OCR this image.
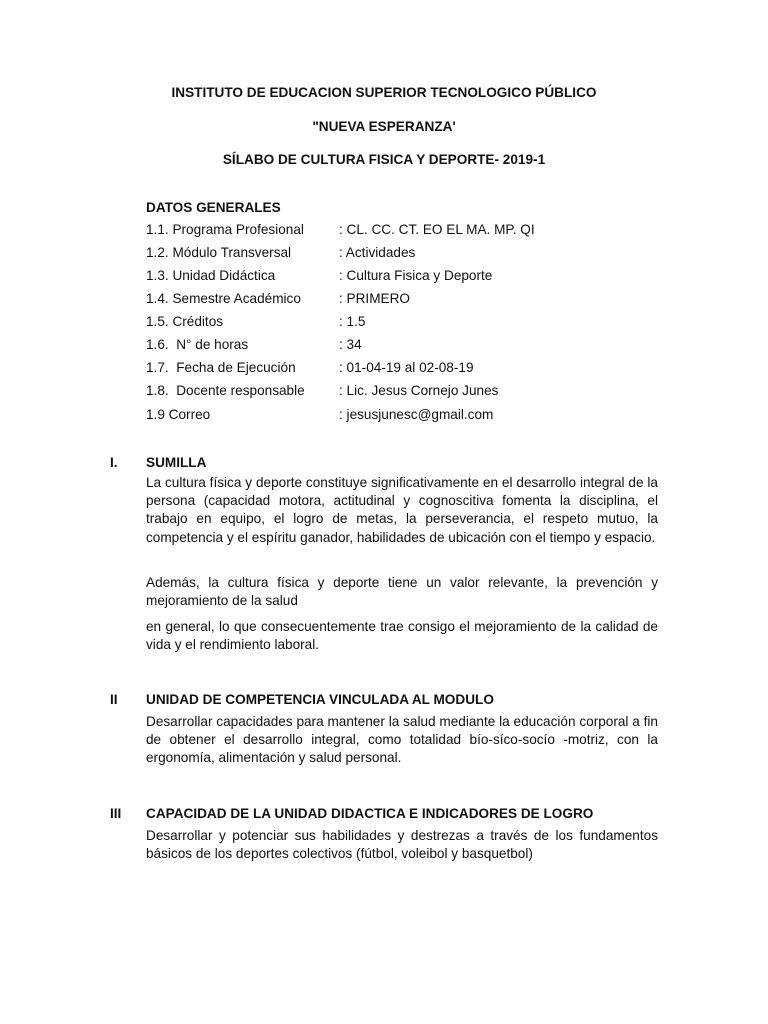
INSTITUTO DE EDUCACION SUPERIOR TECNOLOGICO PÚBLICO
"NUEVA ESPERANZA'
SÍLABO DE CULTURA FISICA Y DEPORTE- 2019-1
DATOS GENERALES
1.1. Programa Profesional	: CL. CC. CT. EO EL MA. MP. QI
1.2. Módulo Transversal	: Actividades
1.3. Unidad Didáctica	: Cultura Fisica y Deporte
1.4. Semestre Académico	: PRIMERO
1.5. Créditos	: 1.5
1.6.  N° de horas	: 34
1.7.  Fecha de Ejecución	: 01-04-19 al 02-08-19
1.8.  Docente responsable	: Lic. Jesus Cornejo Junes
1.9 Correo	: jesusjunesc@gmail.com
I. SUMILLA

La cultura física y deporte constituye significativamente en el desarrollo integral de la persona (capacidad motora, actitudinal y cognoscitiva fomenta la disciplina, el trabajo en equipo, el logro de metas, la perseverancia, el respeto mutuo, la competencia y el espíritu ganador, habilidades de ubicación con el tiempo y espacio.

Además, la cultura física y deporte tiene un valor relevante, la prevención y mejoramiento de la salud

en general, lo que consecuentemente trae consigo el mejoramiento de la calidad de vida y el rendimiento laboral.

II UNIDAD DE COMPETENCIA VINCULADA AL MODULO

Desarrollar capacidades para mantener la salud mediante la educación corporal a fin de obtener el desarrollo integral, como totalidad bío-síco-socío -motriz, con la ergonomía, alimentación y salud personal.

III CAPACIDAD DE LA UNIDAD DIDACTICA E INDICADORES DE LOGRO

Desarrollar y potenciar sus habilidades y destrezas a través de los fundamentos básicos de los deportes colectivos (fútbol, voleibol y basquetbol)
